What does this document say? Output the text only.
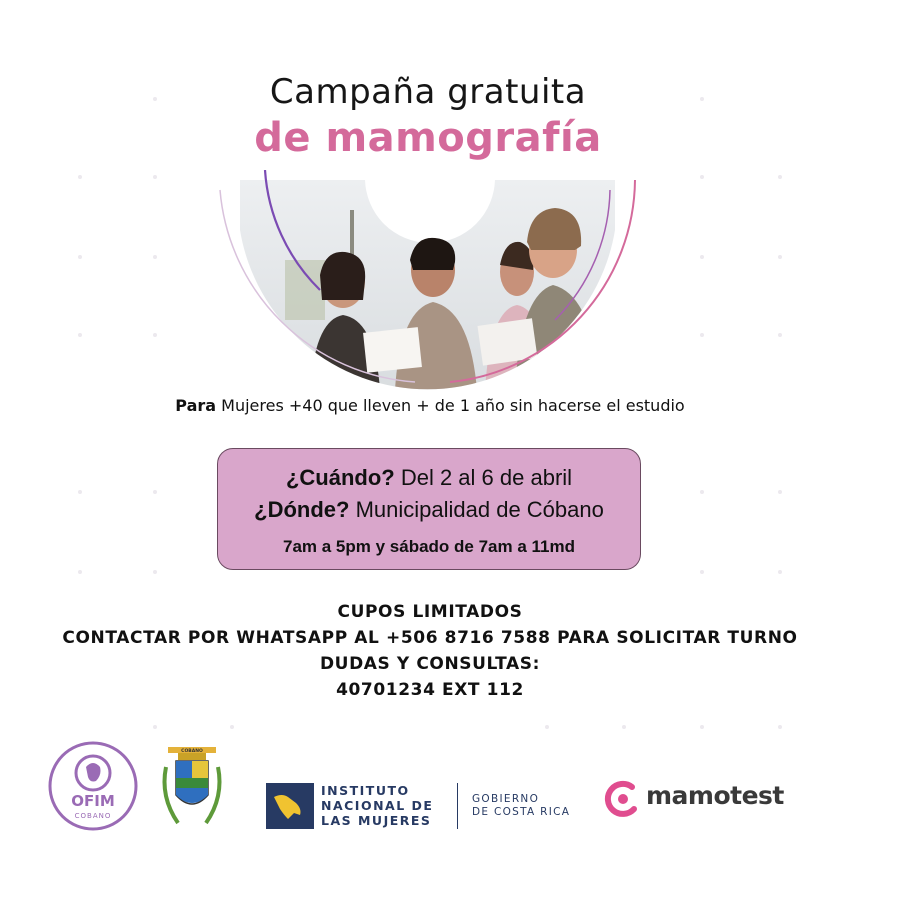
Campaña gratuita
de mamografía
Para Mujeres +40 que lleven + de 1 año sin hacerse el estudio
¿Cuándo? Del 2 al 6 de abril
¿Dónde? Municipalidad de Cóbano
7am a 5pm y sábado de 7am a 11md
CUPOS LIMITADOS
CONTACTAR POR WHATSAPP AL +506 8716 7588 PARA SOLICITAR TURNO
DUDAS Y CONSULTAS:
40701234 EXT 112
OFIM
COBANO
COBANO
INSTITUTO
NACIONAL DE
LAS MUJERES
GOBIERNO
DE COSTA RICA
mamotest
